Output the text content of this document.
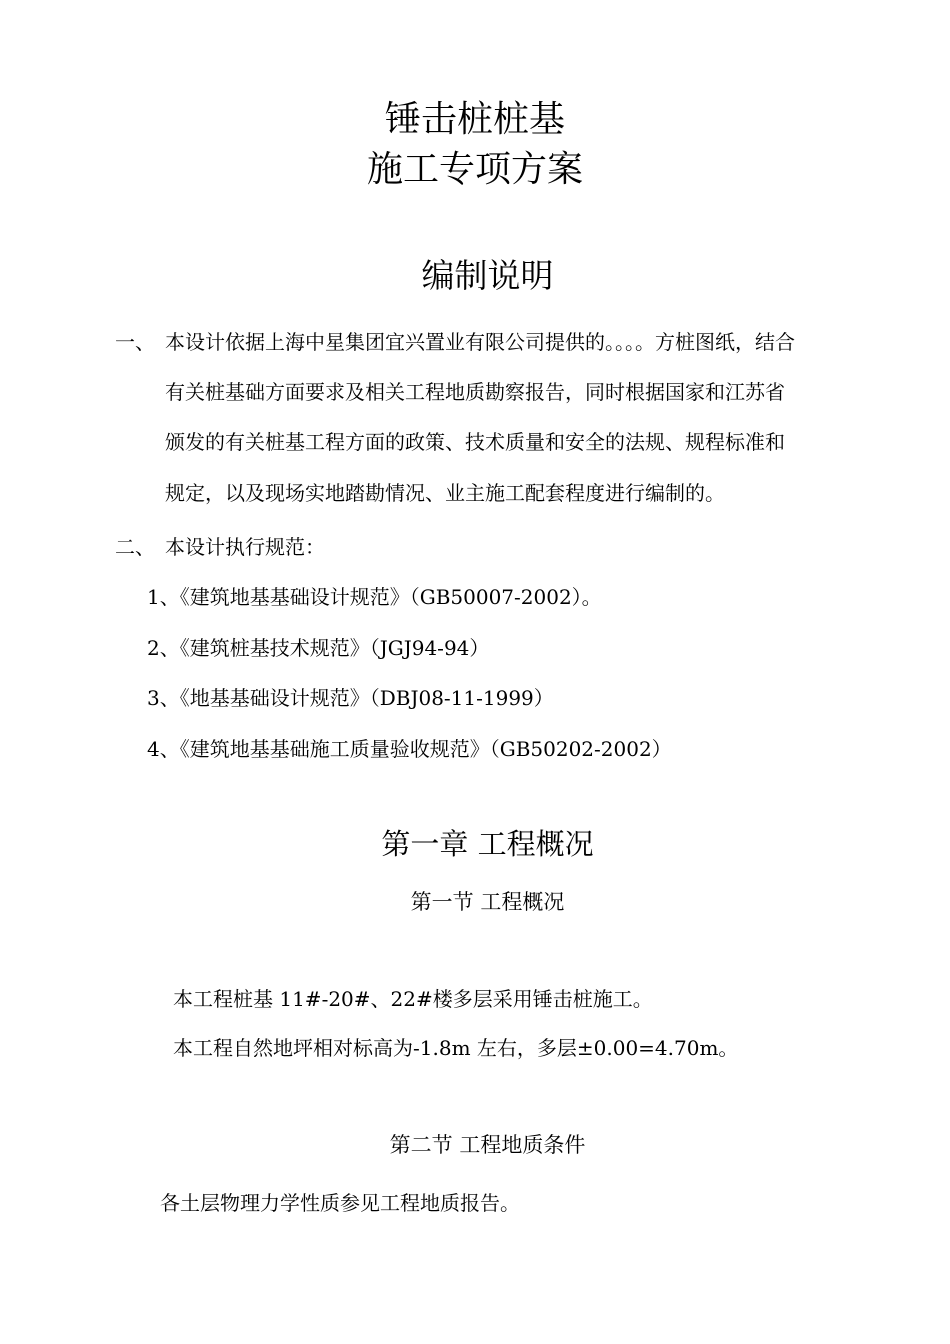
锤击桩桩基
施工专项方案
编制说明
一、 本设计依据上海中星集团宜兴置业有限公司提供的。。。。方桩图纸，结合
有关桩基础方面要求及相关工程地质勘察报告，同时根据国家和江苏省
颁发的有关桩基工程方面的政策、技术质量和安全的法规、规程标准和
规定，以及现场实地踏勘情况、业主施工配套程度进行编制的。
二、 本设计执行规范：
1、《建筑地基基础设计规范》（GB50007-2002）。
2、《建筑桩基技术规范》（JGJ94-94）
3、《地基基础设计规范》（DBJ08-11-1999）
4、《建筑地基基础施工质量验收规范》（GB50202-2002）
第一章 工程概况
第一节 工程概况
本工程桩基 11#-20#、22#楼多层采用锤击桩施工。
本工程自然地坪相对标高为-1.8m 左右，多层±0.00=4.70m。
第二节 工程地质条件
各土层物理力学性质参见工程地质报告。
